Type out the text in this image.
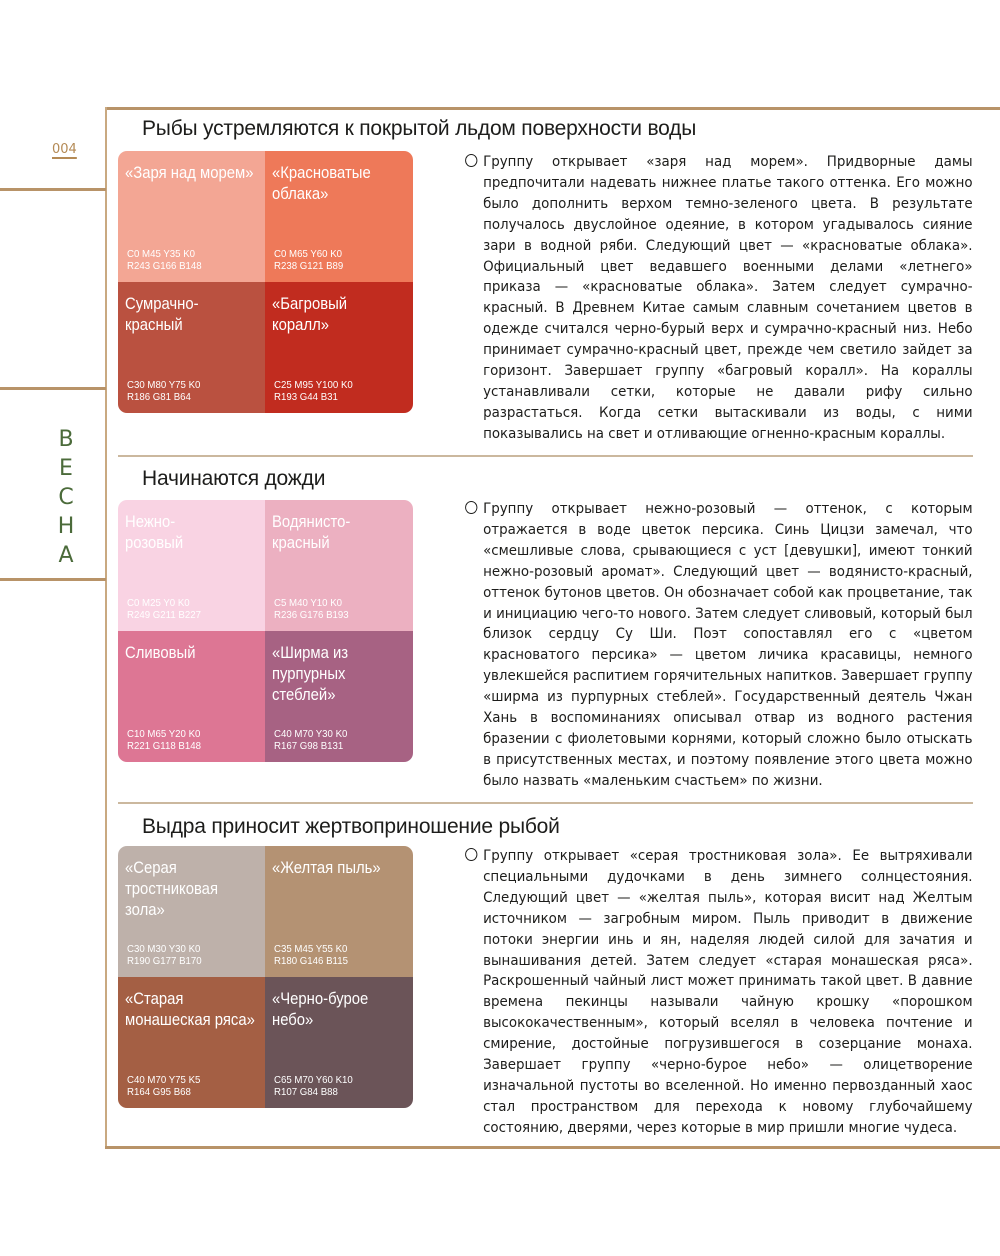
004
В
Е
С
Н
А
Рыбы устремляются к покрытой льдом поверхности воды
«Заря над морем»
C0 M45 Y35 K0
R243 G166 B148
«Красноватые облака»
C0 M65 Y60 K0
R238 G121 B89
Сумрачно-красный
C30 M80 Y75 K0
R186 G81 B64
«Багровый коралл»
C25 M95 Y100 K0
R193 G44 B31

Группу открывает «заря над морем». Придворные дамы предпочитали надевать нижнее платье такого оттенка. Его можно было дополнить верхом темно-зеленого цвета. В результате получалось двуслойное одеяние, в котором угадывалось сияние зари в водной ряби. Следующий цвет — «красноватые облака». Официальный цвет ведавшего военными делами «летнего» приказа — «красноватые облака». Затем следует сумрачно-красный. В Древнем Китае самым славным сочетанием цветов в одежде считался черно-бурый верх и сумрачно-красный низ. Небо принимает сумрачно-красный цвет, прежде чем светило зайдет за горизонт. Завершает группу «багровый коралл». На кораллы устанавливали сетки, которые не давали рифу сильно разрастаться. Когда сетки вытаскивали из воды, с ними показывались на свет и отливающие огненно-красным кораллы.

Начинаются дожди
Нежно-розовый
C0 M25 Y0 K0
R249 G211 B227
Водянисто-красный
C5 M40 Y10 K0
R236 G176 B193
Сливовый
C10 M65 Y20 K0
R221 G118 B148
«Ширма из пурпурных стеблей»
C40 M70 Y30 K0
R167 G98 B131

Группу открывает нежно-розовый — оттенок, с которым отражается в воде цветок персика. Синь Цицзи замечал, что «смешливые слова, срывающиеся с уст [девушки], имеют тонкий нежно-розовый аромат». Следующий цвет — водянисто-красный, оттенок бутонов цветов. Он обозначает собой как процветание, так и инициацию чего-то нового. Затем следует сливовый, который был близок сердцу Су Ши. Поэт сопоставлял его с «цветом красноватого персика» — цветом личика красавицы, немного увлекшейся распитием горячительных напитков. Завершает группу «ширма из пурпурных стеблей». Государственный деятель Чжан Хань в воспоминаниях описывал отвар из водного растения бразении с фиолетовыми корнями, который сложно было отыскать в присутственных местах, и поэтому появление этого цвета можно было назвать «маленьким счастьем» по жизни.

Выдра приносит жертвоприношение рыбой
«Серая тростниковая зола»
C30 M30 Y30 K0
R190 G177 B170
«Желтая пыль»
C35 M45 Y55 K0
R180 G146 B115
«Старая монашеская ряса»
C40 M70 Y75 K5
R164 G95 B68
«Черно-бурое небо»
C65 M70 Y60 K10
R107 G84 B88

Группу открывает «серая тростниковая зола». Ее вытряхивали специальными дудочками в день зимнего солнцестояния. Следующий цвет — «желтая пыль», которая висит над Желтым источником — загробным миром. Пыль приводит в движение потоки энергии инь и ян, наделяя людей силой для зачатия и вынашивания детей. Затем следует «старая монашеская ряса». Раскрошенный чайный лист может принимать такой цвет. В давние времена пекинцы называли чайную крошку «порошком высококачественным», который вселял в человека почтение и смирение, достойные погрузившегося в созерцание монаха. Завершает группу «черно-бурое небо» — олицетворение изначальной пустоты во вселенной. Но именно первозданный хаос стал пространством для перехода к новому глубочайшему состоянию, дверями, через которые в мир пришли многие чудеса.
